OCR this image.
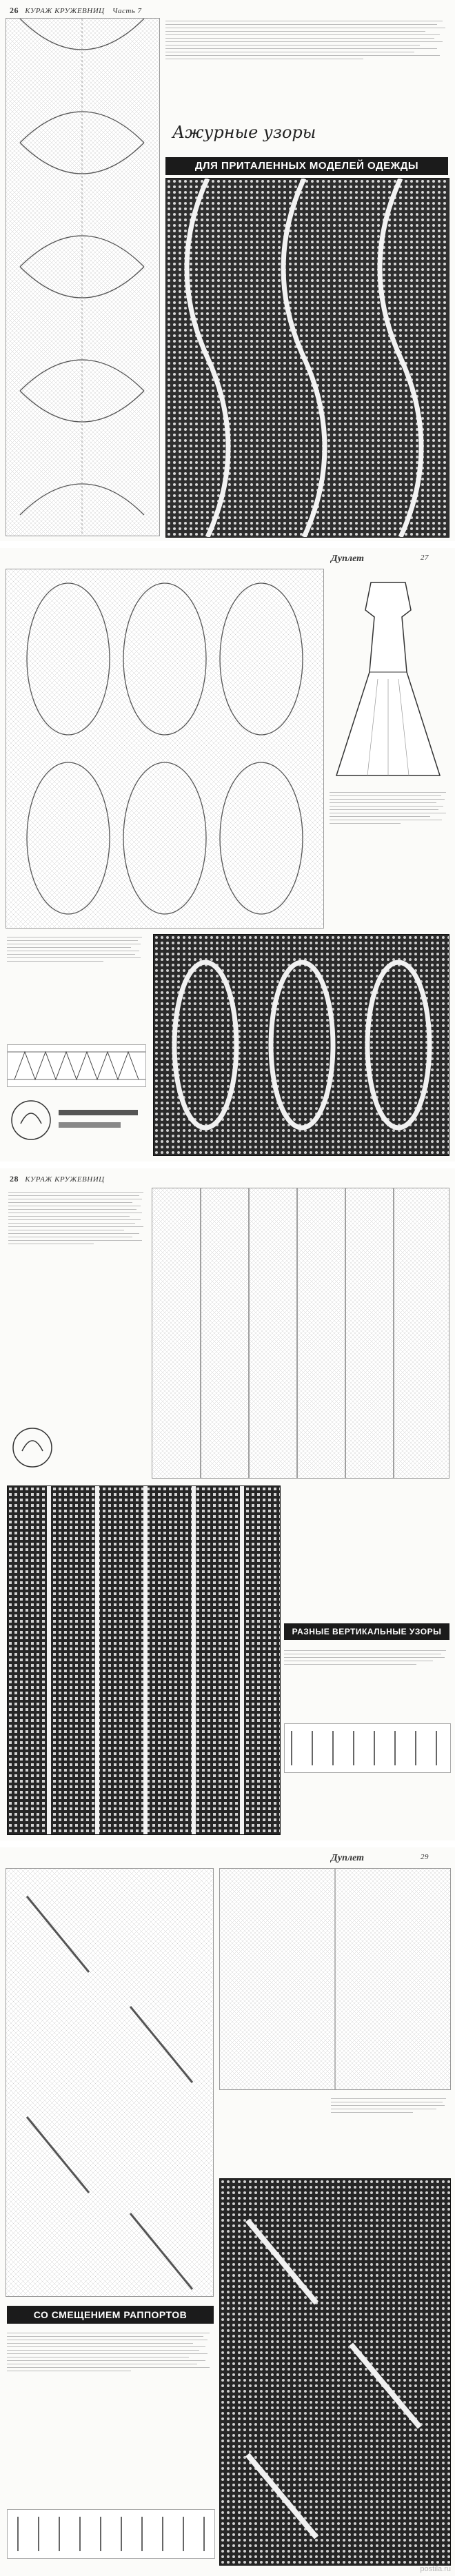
26 КУРАЖ КРУЖЕВНИЦ Часть 7
Ажурные узоры
ДЛЯ ПРИТАЛЕННЫХ МОДЕЛЕЙ ОДЕЖДЫ
Дуплет	27
28 КУРАЖ КРУЖЕВНИЦ
РАЗНЫЕ ВЕРТИКАЛЬНЫЕ УЗОРЫ
Дуплет	29
СО СМЕЩЕНИЕМ РАППОРТОВ
postila.ru
